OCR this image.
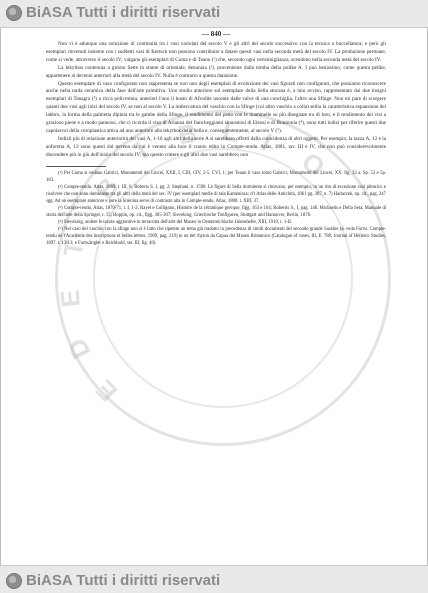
BiASA Tutti i diritti riservati
B
I B L I
O
T
E
D
E
— 840 —

Non vi è adunque una soluzione di continuità tra i vasi variolati del secolo V e gli altri del secolo successivo con la tecnica a buccellatura; e però gli esemplari rinvenuti insieme con i suddetti vasi di Kertsch non possono contribuire a datare questi vasi nella seconda metà del secolo IV. La produzione permane, come si vede, attraverso il secolo IV; valgano gli esemplari di Cuma e di Teano (¹) che, secondo ogni verisimiglianza, scendono nella seconda metà del secolo IV.

La lekythos contenuta a giorno Sette in stante di orientale, denunzia (²), proveniente dalla tomba della polike A. I può benissimo, come questa pelike, appartenere ai decenni anteriori alla metà del secolo IV. Nulla è contrario a questa datazione.

Questo esemplare di vaso configurato non rappresenta se non uno degli esemplari di evoluzione dei vasi figurati non configurati, che possiamo riconoscere anche nella tarda ceramica della fase dell'arte primitiva. Uno studio anteriore sul esemplare della Sella stucana è, a mio avviso, rappresentato dai due insigni esemplari di Tanagra (³) a ricca policromia, anteriori l'uno il busto di Afrodite uscente dalle valve di una conchiglia, l'altro una Sfinge. Non mi pare di scorgere quanti due vasi agli inizi del secolo IV, se non al secolo V. La imbeccatura del vaschio con la Sfinge (coi altro vaschio a colla) serba la caratteristica espansione del labbro, la forma della palmetta dipinta tra le gambe della Sfinge, il rendimento del petto con le mammelle su più disegnate tra di loro, e il rendimento dei visi a grazioso piene e a modo pannoso, che ci ricorda il viso di Arianna del fiancheggianti sinuosioni di Eleusi e di Brauronia (⁴), sono tutti indizi per riferire questi due capolavori della coroplastica attica ad uno anteriore alla lekythos della Sella e, conseguentemente, al secolo V (⁵).

Indizii più di relazione anteriorità dei vasi A, 1-16 agli altri della serie A si sarebbero offerti dalla coincidenza di altri oggetti. Per esempio, la tazza A, 12 e la anforetta A, 13 sono questi dal terreno da cui è venuto alla luce il cranio edito in Compte-rendu. Atlas, 1881, tav. III e IV, che non può considerevolmente discendere più in giù dell'inizio del secolo IV; ma questo cratere e gli altri due vasi sarebbero non

(¹) Per Cuma si vedano Gabrici, Monumenti dei Lincei, XXII, I, CIII, CIV, 2-5. CVI, 1; per Teano il vaso tomo Gabrici, Monumenti dei Lincei, XX. fig. 33 a. Sp. 53 e 5p. 183.

(²) Compte-rendu. Atlas, 1869. t. III, 6; Roberts S. I, pg. 2; Stephani, n. 1590. Le figure di Sella dormiente si ritrovano, per esempio, in un rito di eccezione così pittorico e risolvere che non sono dominante tra gli altri della metà del sec. IV (per esemplari medie di tala Kamenisza; cfr Atlas delle Antichità, 1861 pg. 387, n. 7) Hadaczek, op. cit., pag. 247 sgg. Ad un esemplare anteriore e pure la Sirenina serve di contrasto alta in Compte-rendu, Atlas, 1880. t. XIII, 37.

(³) Compte-rendu, Atlas, 1870-71, t. I, 1-2. Rayet e Collignon, Histoire de la céramique grecque, figg. 163 e 164; Robertis S., I, pag. 148. Michaelis e Della Seta, Manuale di storia dell'arte della Springer, t. 15; Hoppin, op. cit., figg. 305-307; Sieveking, Griechische Tonfiguren, Stuttgart und Hannover, Berlin, 1878.

(⁴) Sieveking, andere le tavole aggiuntive in terracotta dell'arte del Museo in Oesterreichische Jahreshefte, XIII, 1910, t. 1-II.

(⁵) Nel caso del vaschio con la sfinge non sì è fatto che ripetere un tema già tradotto in precedenza di simili documenti del secondo grande Susides (si veda Furtw. Compte-rendu de l'Académie des inscriptions et belles lettres, 1909, pag. 219) in un bel rhyton da Capua del Museo Britannico (Catalogue of vases, III, E. 788; Journal of Hellenic Studies, 1897, t. 13-13; e Furtwängler e Reichhold, ser. III, fig. 40).

BiASA Tutti i diritti riservati
